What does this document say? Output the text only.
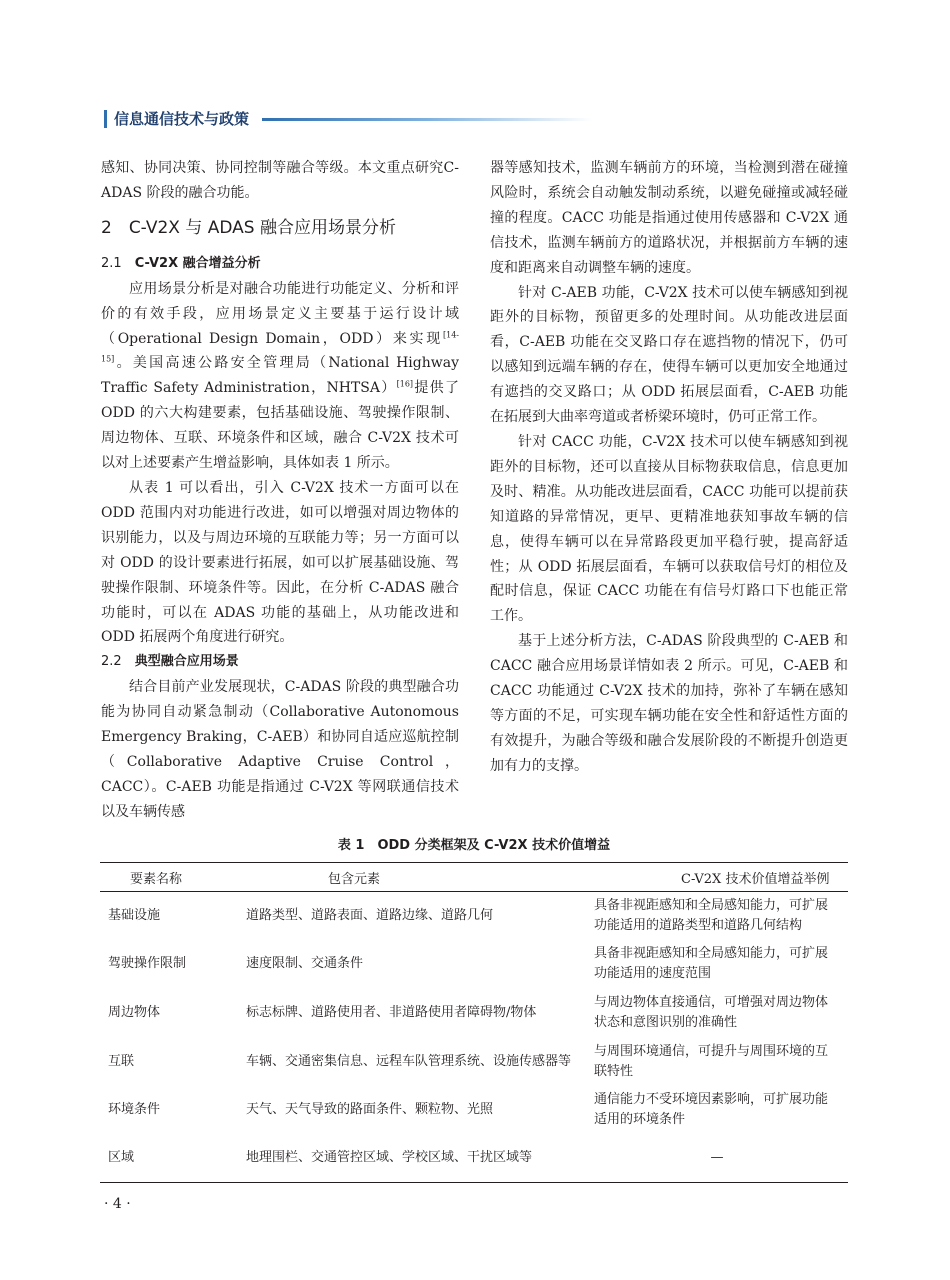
信息通信技术与政策

感知、协同决策、协同控制等融合等级。本文重点研究C-ADAS 阶段的融合功能。

2　C-V2X 与 ADAS 融合应用场景分析
2.1　C-V2X 融合增益分析

应用场景分析是对融合功能进行功能定义、分析和评价的有效手段，应用场景定义主要基于运行设计域（Operational Design Domain，ODD）来实现[14-15]。美国高速公路安全管理局（National Highway Traffic Safety Administration，NHTSA）[16]提供了 ODD 的六大构建要素，包括基础设施、驾驶操作限制、周边物体、互联、环境条件和区域，融合 C-V2X 技术可以对上述要素产生增益影响，具体如表 1 所示。

从表 1 可以看出，引入 C-V2X 技术一方面可以在 ODD 范围内对功能进行改进，如可以增强对周边物体的识别能力，以及与周边环境的互联能力等；另一方面可以对 ODD 的设计要素进行拓展，如可以扩展基础设施、驾驶操作限制、环境条件等。因此，在分析 C-ADAS 融合功能时，可以在 ADAS 功能的基础上，从功能改进和 ODD 拓展两个角度进行研究。

2.2　典型融合应用场景

结合目前产业发展现状，C-ADAS 阶段的典型融合功能为协同自动紧急制动（Collaborative Autonomous Emergency Braking，C-AEB）和协同自适应巡航控制（Collaborative Adaptive Cruise Control，CACC）。C-AEB 功能是指通过 C-V2X 等网联通信技术以及车辆传感

器等感知技术，监测车辆前方的环境，当检测到潜在碰撞风险时，系统会自动触发制动系统，以避免碰撞或减轻碰撞的程度。CACC 功能是指通过使用传感器和 C-V2X 通信技术，监测车辆前方的道路状况，并根据前方车辆的速度和距离来自动调整车辆的速度。

针对 C-AEB 功能，C-V2X 技术可以使车辆感知到视距外的目标物，预留更多的处理时间。从功能改进层面看，C-AEB 功能在交叉路口存在遮挡物的情况下，仍可以感知到远端车辆的存在，使得车辆可以更加安全地通过有遮挡的交叉路口；从 ODD 拓展层面看，C-AEB 功能在拓展到大曲率弯道或者桥梁环境时，仍可正常工作。

针对 CACC 功能，C-V2X 技术可以使车辆感知到视距外的目标物，还可以直接从目标物获取信息，信息更加及时、精准。从功能改进层面看，CACC 功能可以提前获知道路的异常情况，更早、更精准地获知事故车辆的信息，使得车辆可以在异常路段更加平稳行驶，提高舒适性；从 ODD 拓展层面看，车辆可以获取信号灯的相位及配时信息，保证 CACC 功能在有信号灯路口下也能正常工作。

基于上述分析方法，C-ADAS 阶段典型的 C-AEB 和 CACC 融合应用场景详情如表 2 所示。可见，C-AEB 和 CACC 功能通过 C-V2X 技术的加持，弥补了车辆在感知等方面的不足，可实现车辆功能在安全性和舒适性方面的有效提升，为融合等级和融合发展阶段的不断提升创造更加有力的支撑。

表 1　ODD 分类框架及 C-V2X 技术价值增益
要素名称	包含元素	C-V2X 技术价值增益举例
基础设施	道路类型、道路表面、道路边缘、道路几何	具备非视距感知和全局感知能力，可扩展功能适用的道路类型和道路几何结构
驾驶操作限制	速度限制、交通条件	具备非视距感知和全局感知能力，可扩展功能适用的速度范围
周边物体	标志标牌、道路使用者、非道路使用者障碍物/物体	与周边物体直接通信，可增强对周边物体状态和意图识别的准确性
互联	车辆、交通密集信息、远程车队管理系统、设施传感器等	与周围环境通信，可提升与周围环境的互联特性
环境条件	天气、天气导致的路面条件、颗粒物、光照	通信能力不受环境因素影响，可扩展功能适用的环境条件
区域	地理围栏、交通管控区域、学校区域、干扰区域等	—
· 4 ·
